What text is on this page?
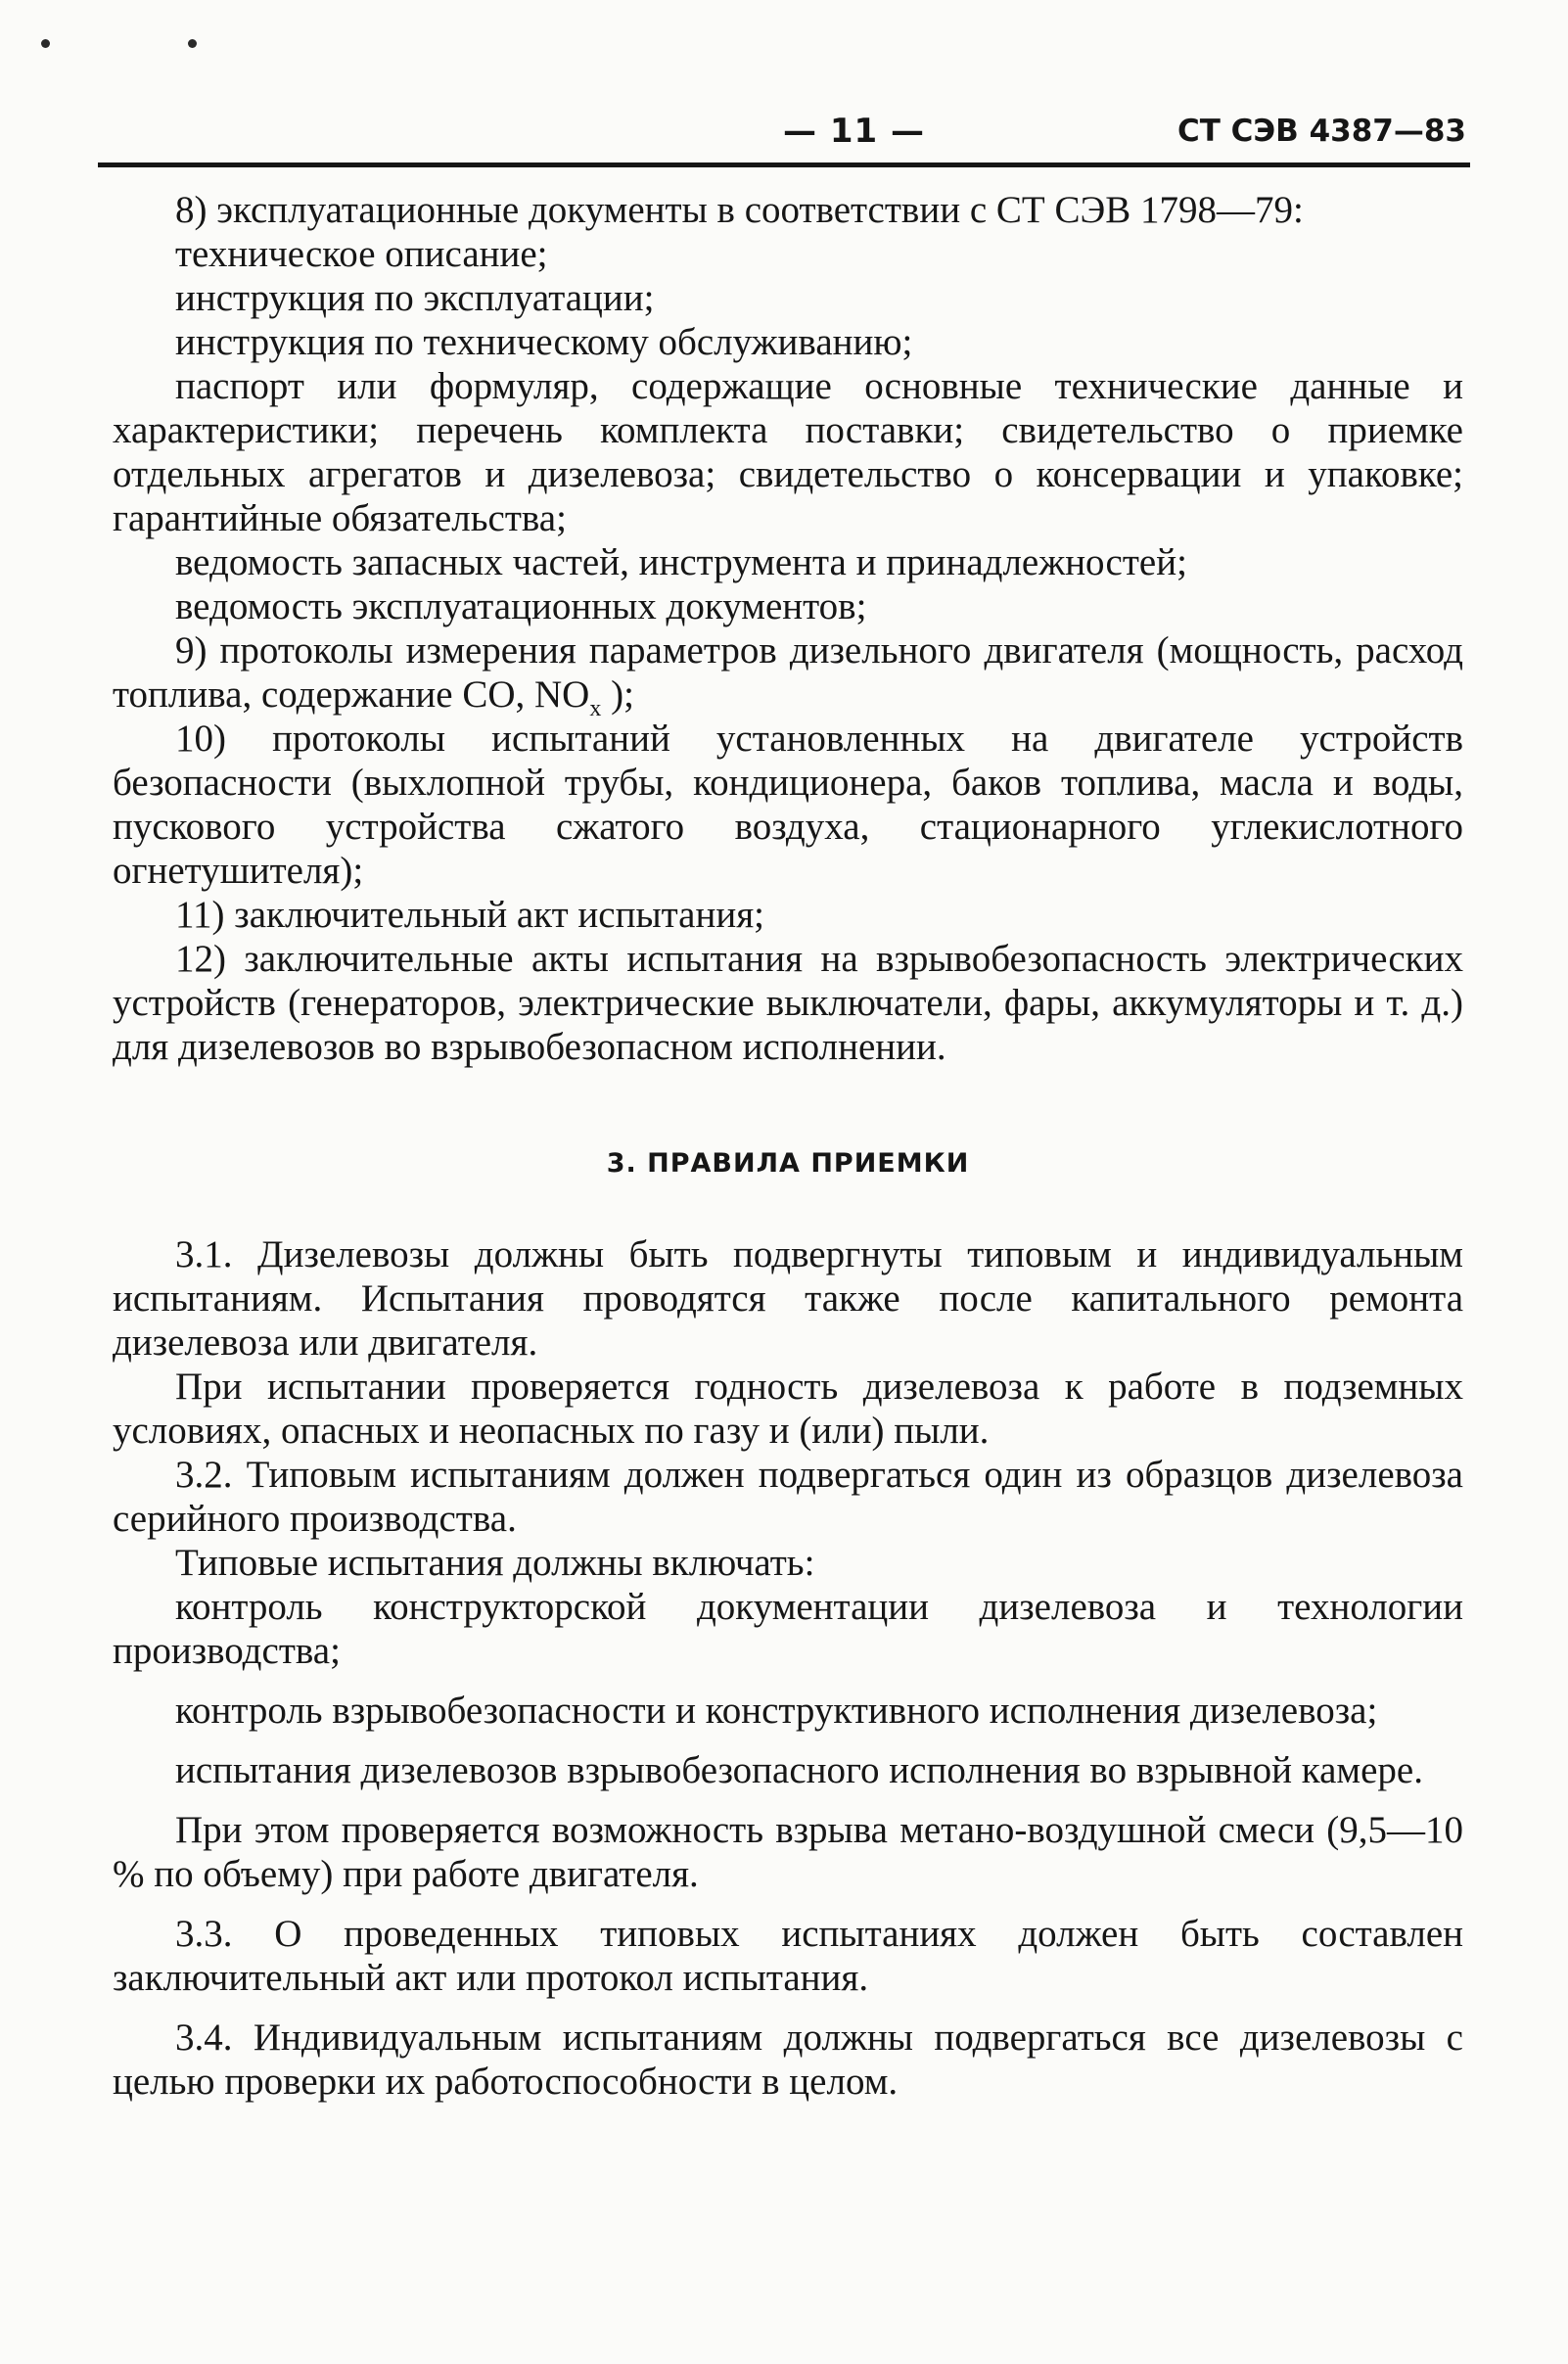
— 11 —	СТ СЭВ 4387—83

8) эксплуатационные документы в соответствии с СТ СЭВ 1798—79:

техническое описание;

инструкция по эксплуатации;

инструкция по техническому обслуживанию;

паспорт или формуляр, содержащие основные технические данные и характеристики; перечень комплекта поставки; свидетельство о приемке отдельных агрегатов и дизелевоза; свидетельство о консервации и упаковке; гарантийные обязательства;

ведомость запасных частей, инструмента и принадлежностей;

ведомость эксплуатационных документов;

9) протоколы измерения параметров дизельного двигателя (мощность, расход топлива, содержание СО, $NO_x$ );

10) протоколы испытаний установленных на двигателе устройств безопасности (выхлопной трубы, кондиционера, баков топлива, масла и воды, пускового устройства сжатого воздуха, стационарного углекислотного огнетушителя);

11) заключительный акт испытания;

12) заключительные акты испытания на взрывобезопасность электрических устройств (генераторов, электрические выключатели, фары, аккумуляторы и т. д.) для дизелевозов во взрывобезопасном исполнении.

3. ПРАВИЛА ПРИЕМКИ

3.1. Дизелевозы должны быть подвергнуты типовым и индивидуальным испытаниям. Испытания проводятся также после капитального ремонта дизелевоза или двигателя.

При испытании проверяется годность дизелевоза к работе в подземных условиях, опасных и неопасных по газу и (или) пыли.

3.2. Типовым испытаниям должен подвергаться один из образцов дизелевоза серийного производства.

Типовые испытания должны включать:

контроль конструкторской документации дизелевоза и технологии производства;

контроль взрывобезопасности и конструктивного исполнения дизелевоза;

испытания дизелевозов взрывобезопасного исполнения во взрывной камере.

При этом проверяется возможность взрыва метано-воздушной смеси (9,5—10 % по объему) при работе двигателя.

3.3. О проведенных типовых испытаниях должен быть составлен заключительный акт или протокол испытания.

3.4. Индивидуальным испытаниям должны подвергаться все дизелевозы с целью проверки их работоспособности в целом.
